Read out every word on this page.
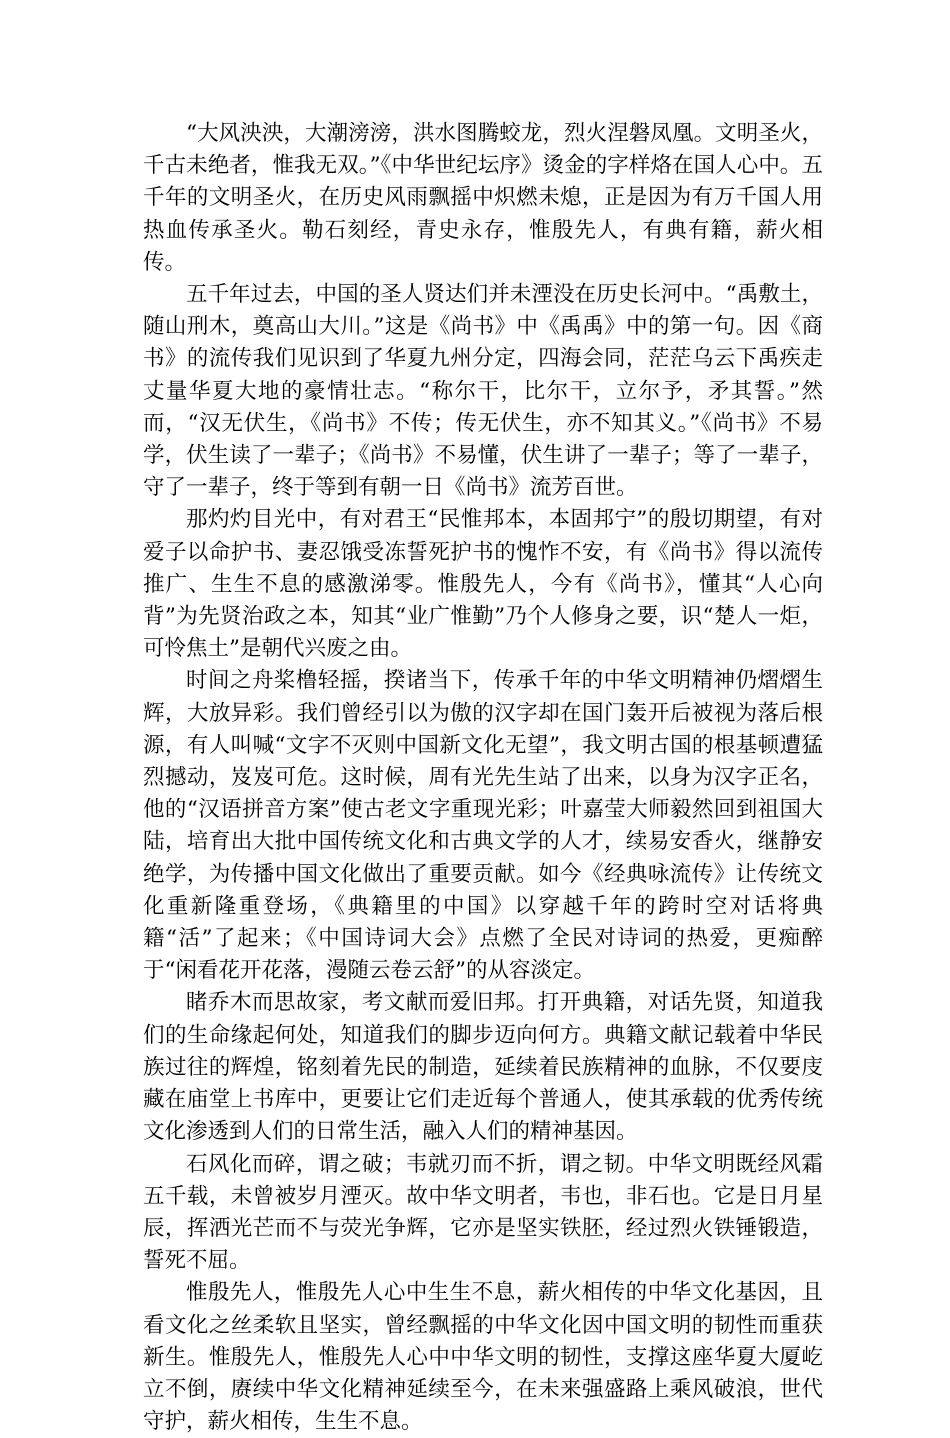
“大风泱泱，大潮滂滂，洪水图腾蛟龙，烈火涅磐凤凰。文明圣火，千古未绝者，惟我无双。”《中华世纪坛序》烫金的字样烙在国人心中。五千年的文明圣火，在历史风雨飘摇中炽燃未熄，正是因为有万千国人用热血传承圣火。勒石刻经，青史永存，惟殷先人，有典有籍，薪火相传。

五千年过去，中国的圣人贤达们并未湮没在历史长河中。“禹敷土，随山刑木，奠高山大川。”这是《尚书》中《禹禹》中的第一句。因《商书》的流传我们见识到了华夏九州分定，四海会同，茫茫乌云下禹疾走丈量华夏大地的豪情壮志。“称尔干，比尔干，立尔予，矛其誓。”然而，“汉无伏生，《尚书》不传；传无伏生，亦不知其义。”《尚书》不易学，伏生读了一辈子；《尚书》不易懂，伏生讲了一辈子；等了一辈子，守了一辈子，终于等到有朝一日《尚书》流芳百世。

那灼灼目光中，有对君王“民惟邦本，本固邦宁”的殷切期望，有对爱子以命护书、妻忍饿受冻誓死护书的愧怍不安，有《尚书》得以流传推广、生生不息的感激涕零。惟殷先人，今有《尚书》，懂其“人心向背”为先贤治政之本，知其“业广惟勤”乃个人修身之要，识“楚人一炬，可怜焦土”是朝代兴废之由。

时间之舟桨橹轻摇，揆诸当下，传承千年的中华文明精神仍熠熠生辉，大放异彩。我们曾经引以为傲的汉字却在国门轰开后被视为落后根源，有人叫喊“文字不灭则中国新文化无望”，我文明古国的根基顿遭猛烈撼动，岌岌可危。这时候，周有光先生站了出来，以身为汉字正名，他的“汉语拼音方案”使古老文字重现光彩；叶嘉莹大师毅然回到祖国大陆，培育出大批中国传统文化和古典文学的人才，续易安香火，继静安绝学，为传播中国文化做出了重要贡献。如今《经典咏流传》让传统文化重新隆重登场，《典籍里的中国》以穿越千年的跨时空对话将典籍“活”了起来；《中国诗词大会》点燃了全民对诗词的热爱，更痴醉于“闲看花开花落，漫随云卷云舒”的从容淡定。

睹乔木而思故家，考文献而爱旧邦。打开典籍，对话先贤，知道我们的生命缘起何处，知道我们的脚步迈向何方。典籍文献记载着中华民族过往的辉煌，铭刻着先民的制造，延续着民族精神的血脉，不仅要庋藏在庙堂上书库中，更要让它们走近每个普通人，使其承载的优秀传统文化渗透到人们的日常生活，融入人们的精神基因。

石风化而碎，谓之破；韦就刃而不折，谓之韧。中华文明既经风霜五千载，未曾被岁月湮灭。故中华文明者，韦也，非石也。它是日月星辰，挥洒光芒而不与荧光争辉，它亦是坚实铁胚，经过烈火铁锤锻造，誓死不屈。

惟殷先人，惟殷先人心中生生不息，薪火相传的中华文化基因，且看文化之丝柔软且坚实，曾经飘摇的中华文化因中国文明的韧性而重获新生。惟殷先人，惟殷先人心中中华文明的韧性，支撑这座华夏大厦屹立不倒，赓续中华文化精神延续至今，在未来强盛路上乘风破浪，世代守护，薪火相传，生生不息。
